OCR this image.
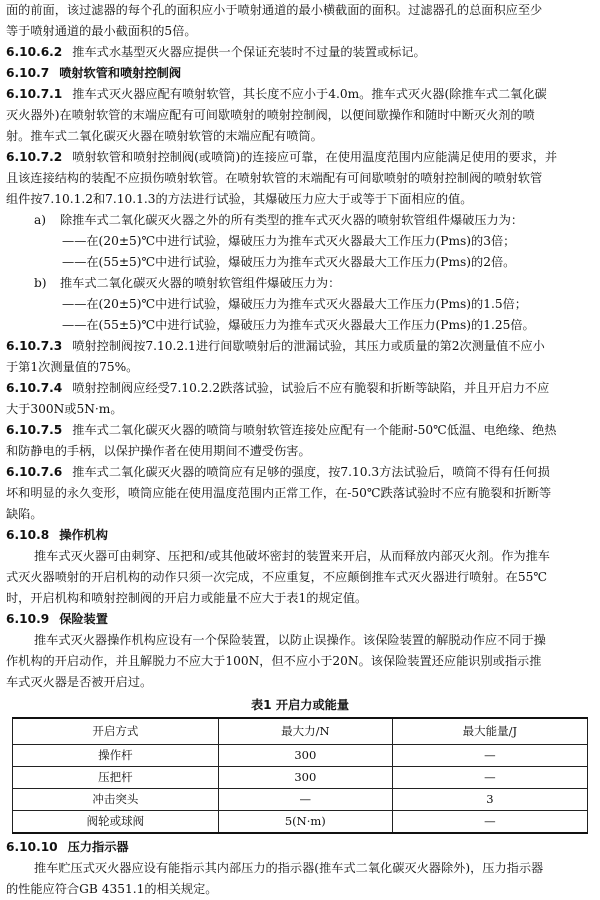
面的前面，该过滤器的每个孔的面积应小于喷射通道的最小横截面的面积。过滤器孔的总面积应至少
等于喷射通道的最小截面积的5倍。
6.10.6.2 推车式水基型灭火器应提供一个保证充装时不过量的装置或标记。
6.10.7 喷射软管和喷射控制阀
6.10.7.1 推车式灭火器应配有喷射软管，其长度不应小于4.0m。推车式灭火器(除推车式二氧化碳
灭火器外)在喷射软管的末端应配有可间歇喷射的喷射控制阀，以便间歇操作和随时中断灭火剂的喷
射。推车式二氧化碳灭火器在喷射软管的末端应配有喷筒。
6.10.7.2 喷射软管和喷射控制阀(或喷筒)的连接应可靠，在使用温度范围内应能满足使用的要求，并
且该连接结构的装配不应损伤喷射软管。在喷射软管的末端配有可间歇喷射的喷射控制阀的喷射软管
组件按7.10.1.2和7.10.1.3的方法进行试验，其爆破压力应大于或等于下面相应的值。
a) 除推车式二氧化碳灭火器之外的所有类型的推车式灭火器的喷射软管组件爆破压力为：
——在(20±5)℃中进行试验，爆破压力为推车式灭火器最大工作压力(Pms)的3倍；
——在(55±5)℃中进行试验，爆破压力为推车式灭火器最大工作压力(Pms)的2倍。
b) 推车式二氧化碳灭火器的喷射软管组件爆破压力为：
——在(20±5)℃中进行试验，爆破压力为推车式灭火器最大工作压力(Pms)的1.5倍；
——在(55±5)℃中进行试验，爆破压力为推车式灭火器最大工作压力(Pms)的1.25倍。
6.10.7.3 喷射控制阀按7.10.2.1进行间歇喷射后的泄漏试验，其压力或质量的第2次测量值不应小
于第1次测量值的75%。
6.10.7.4 喷射控制阀应经受7.10.2.2跌落试验，试验后不应有脆裂和折断等缺陷，并且开启力不应
大于300N或5N·m。
6.10.7.5 推车式二氧化碳灭火器的喷筒与喷射软管连接处应配有一个能耐-50℃低温、电绝缘、绝热
和防静电的手柄，以保护操作者在使用期间不遭受伤害。
6.10.7.6 推车式二氧化碳灭火器的喷筒应有足够的强度，按7.10.3方法试验后，喷筒不得有任何损
坏和明显的永久变形，喷筒应能在使用温度范围内正常工作，在-50℃跌落试验时不应有脆裂和折断等
缺陷。
6.10.8 操作机构
推车式灭火器可由刺穿、压把和/或其他破坏密封的装置来开启，从而释放内部灭火剂。作为推车
式灭火器喷射的开启机构的动作只须一次完成，不应重复，不应颠倒推车式灭火器进行喷射。在55℃
时，开启机构和喷射控制阀的开启力或能量不应大于表1的规定值。
6.10.9 保险装置
推车式灭火器操作机构应设有一个保险装置，以防止误操作。该保险装置的解脱动作应不同于操
作机构的开启动作，并且解脱力不应大于100N，但不应小于20N。该保险装置还应能识别或指示推
车式灭火器是否被开启过。
表1 开启力或能量
开启方式	最大力/N	最大能量/J
操作杆	300	—
压把杆	300	—
冲击突头	—	3
阀轮或球阀	5(N·m)	—
6.10.10 压力指示器
推车贮压式灭火器应设有能指示其内部压力的指示器(推车式二氧化碳灭火器除外)，压力指示器
的性能应符合GB 4351.1的相关规定。
